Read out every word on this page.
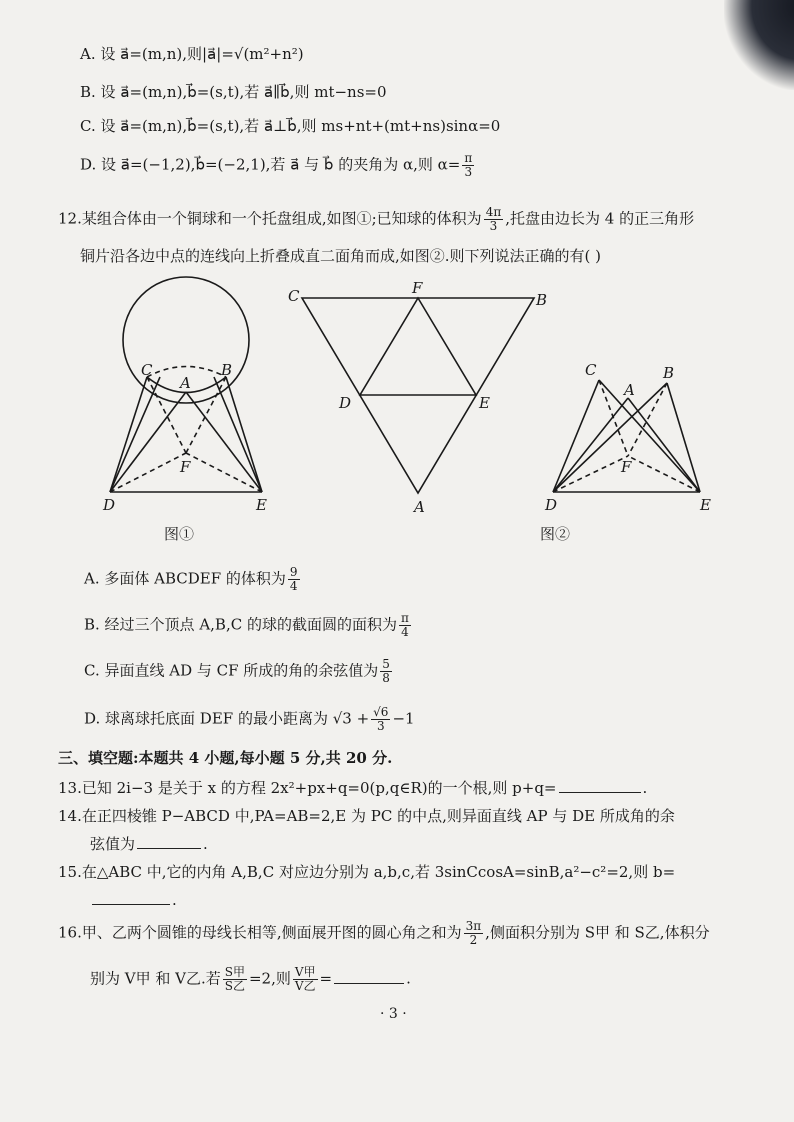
A. 设 a⃗=(m,n),则|a⃗|=√(m²+n²)
B. 设 a⃗=(m,n),b⃗=(s,t),若 a⃗∥b⃗,则 mt−ns=0
C. 设 a⃗=(m,n),b⃗=(s,t),若 a⃗⊥b⃗,则 ms+nt+(mt+ns)sinα=0
D. 设 a⃗=(−1,2),b⃗=(−2,1),若 a⃗ 与 b⃗ 的夹角为 α,则 $\alpha= \frac{\pi}{3}$
12.某组合体由一个铜球和一个托盘组成,如图①;已知球的体积为 $\frac{4\pi}{3}$ ,托盘由边长为 4 的正三角形
铜片沿各边中点的连线向上折叠成直二面角而成,如图②.则下列说法正确的有( )
C
A
B
F
D	E
C	F
B
D	E
A
C
A
B
F
D	E
图①	图②
A. 多面体 ABCDEF 的体积为 $\frac{9}{4}$
B. 经过三个顶点 A,B,C 的球的截面圆的面积为 $\frac{\pi}{4}$
C. 异面直线 AD 与 CF 所成的角的余弦值为 $\frac{5}{8}$
D. 球离球托底面 DEF 的最小距离为 $√3 + \frac{√6}{3} -1$
三、填空题:本题共 4 小题,每小题 5 分,共 20 分.
13.已知 2i−3 是关于 x 的方程 2x²+px+q=0(p,q∈R)的一个根,则 p+q=	.
14.在正四棱锥 P−ABCD 中,PA=AB=2,E 为 PC 的中点,则异面直线 AP 与 DE 所成角的余
弦值为	.
15.在△ABC 中,它的内角 A,B,C 对应边分别为 a,b,c,若 3sinCcosA=sinB,a²−c²=2,则 b=
.
16.甲、乙两个圆锥的母线长相等,侧面展开图的圆心角之和为 $\frac{3\pi}{2}$ ,侧面积分别为 S甲 和 S乙,体积分
别为 V甲 和 V乙.若 $\frac{\text{S甲}}{\text{S乙}} =2$,则 $\frac{\text{V甲}}{\text{V乙}}$ =	.
· 3 ·
